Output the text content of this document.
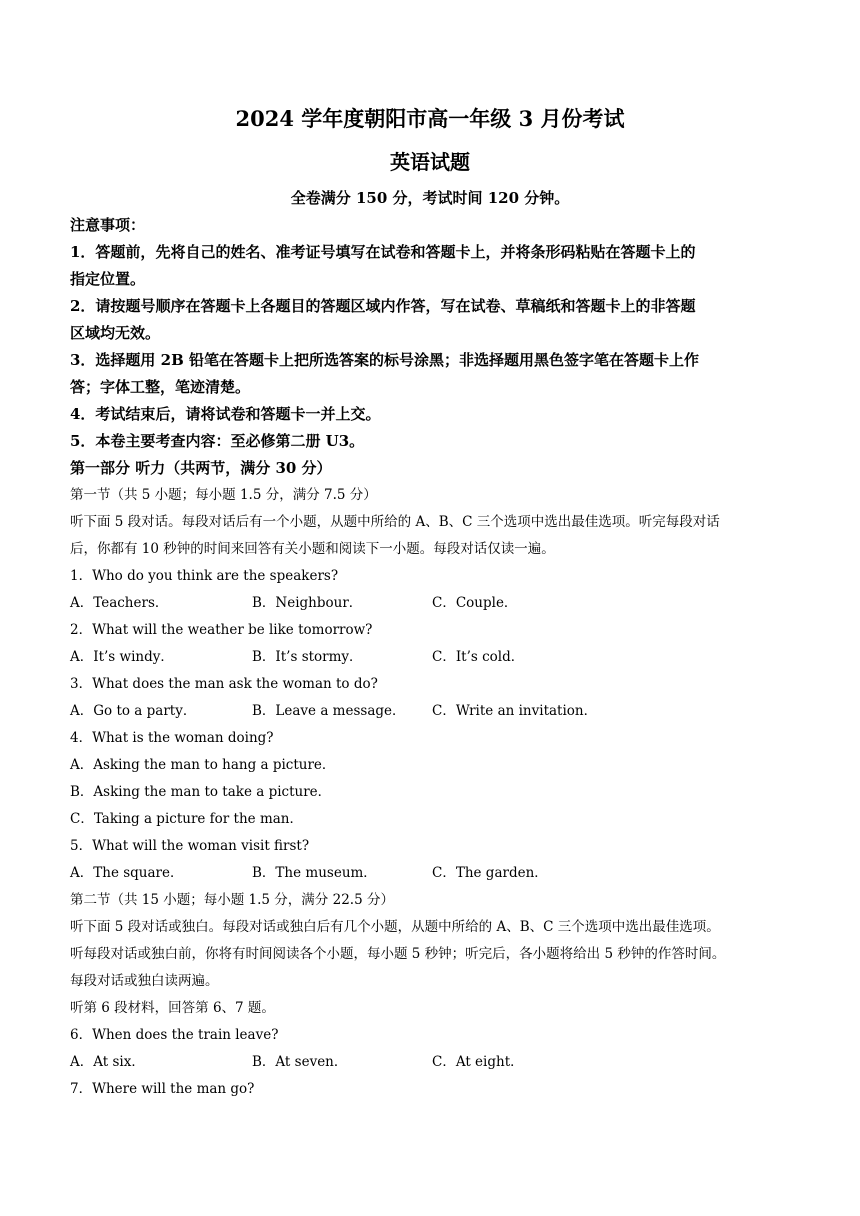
2024 学年度朝阳市高一年级 3 月份考试
英语试题
全卷满分 150 分，考试时间 120 分钟。
注意事项：
1．答题前，先将自己的姓名、准考证号填写在试卷和答题卡上，并将条形码粘贴在答题卡上的
指定位置。
2．请按题号顺序在答题卡上各题目的答题区域内作答，写在试卷、草稿纸和答题卡上的非答题
区域均无效。
3．选择题用 2B 铅笔在答题卡上把所选答案的标号涂黑；非选择题用黑色签字笔在答题卡上作
答；字体工整，笔迹清楚。
4．考试结束后，请将试卷和答题卡一并上交。
5．本卷主要考查内容：至必修第二册 U3。
第一部分 听力（共两节，满分 30 分）
第一节（共 5 小题；每小题 1.5 分，满分 7.5 分）
听下面 5 段对话。每段对话后有一个小题，从题中所给的 A、B、C 三个选项中选出最佳选项。听完每段对话
后，你都有 10 秒钟的时间来回答有关小题和阅读下一小题。每段对话仅读一遍。
1．Who do you think are the speakers?
A．Teachers．	B．Neighbour．	C．Couple．
2．What will the weather be like tomorrow?
A．It’s windy．	B．It’s stormy．	C．It’s cold．
3．What does the man ask the woman to do?
A．Go to a party．	B．Leave a message． C．Write an invitation．
4．What is the woman doing?
A．Asking the man to hang a picture．
B．Asking the man to take a picture．
C．Taking a picture for the man．
5．What will the woman visit first?
A．The square．	B．The museum．	C．The garden．
第二节（共 15 小题；每小题 1.5 分，满分 22.5 分）
听下面 5 段对话或独白。每段对话或独白后有几个小题，从题中所给的 A、B、C 三个选项中选出最佳选项。
听每段对话或独白前，你将有时间阅读各个小题，每小题 5 秒钟；听完后，各小题将给出 5 秒钟的作答时间。
每段对话或独白读两遍。
听第 6 段材料，回答第 6、7 题。
6．When does the train leave?
A．At six．	B．At seven．	C．At eight．
7．Where will the man go?
